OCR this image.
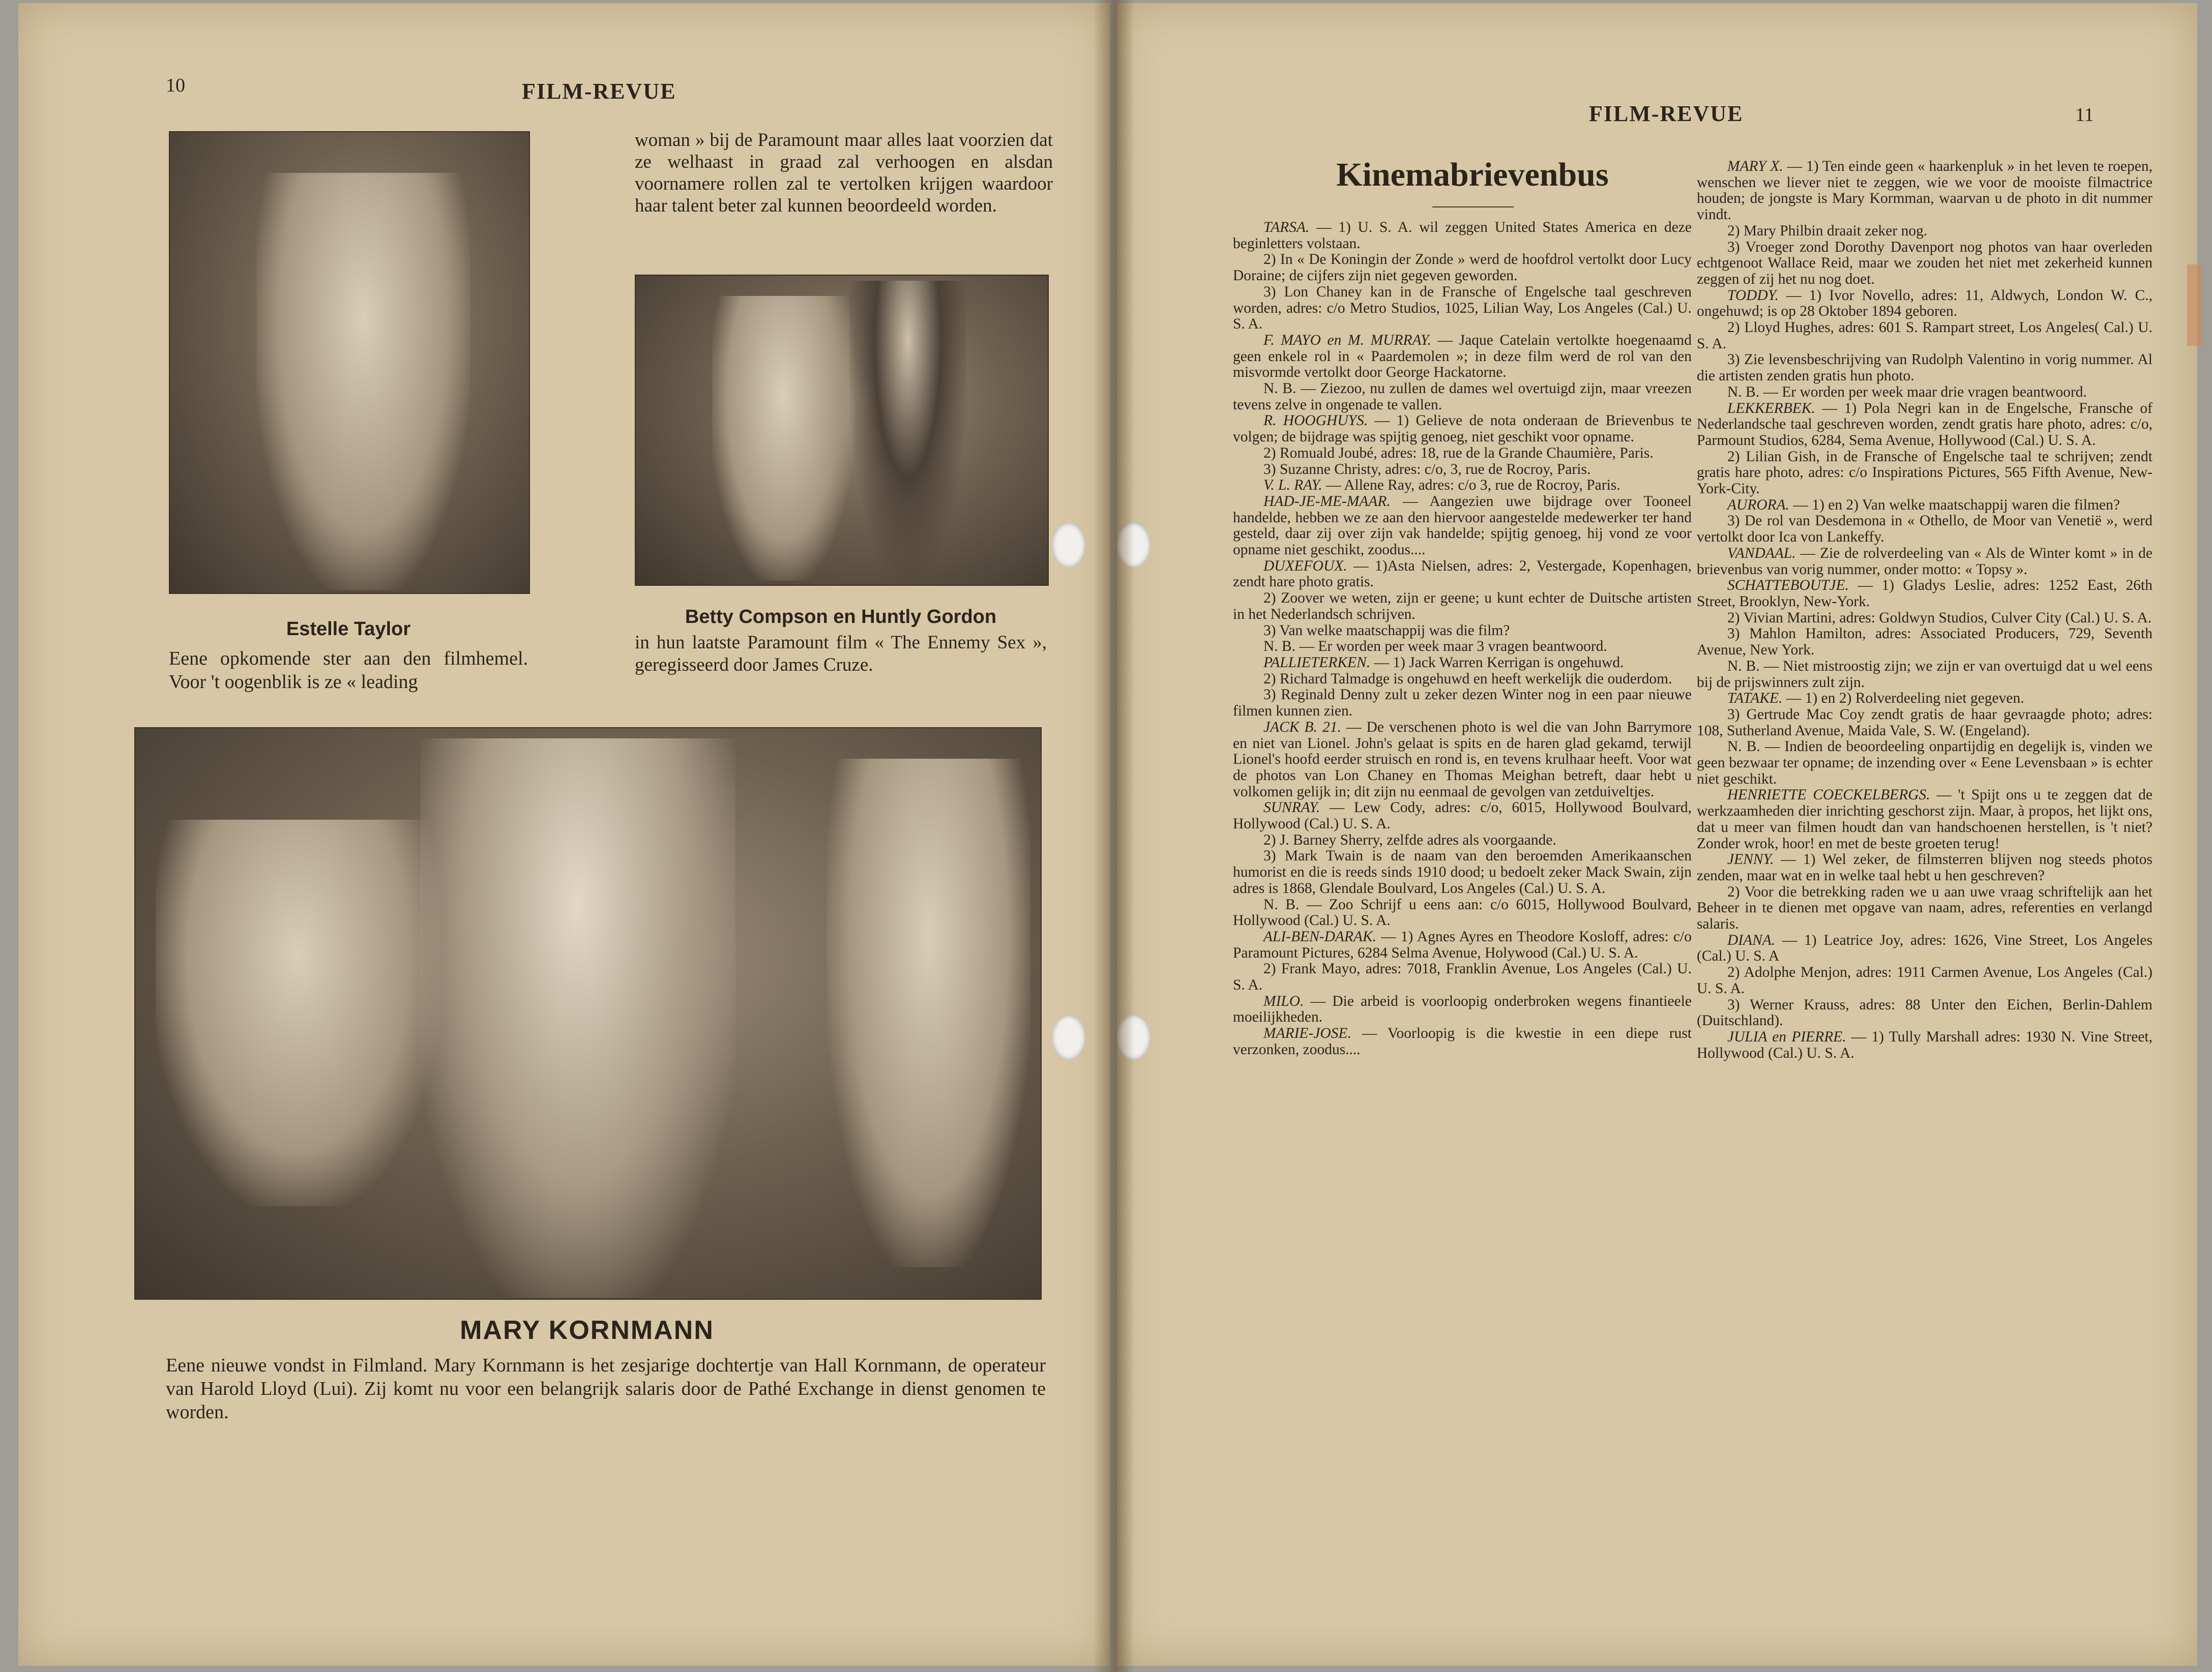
10	FILM-REVUE
Estelle Taylor
Eene opkomende ster aan den filmhemel. Voor 't oogenblik is ze « leading
woman » bij de Paramount maar alles laat voorzien dat ze welhaast in graad zal verhoogen en alsdan voornamere rollen zal te vertolken krijgen waardoor haar talent beter zal kunnen beoordeeld worden.
Betty Compson en Huntly Gordon
in hun laatste Paramount film « The Ennemy Sex », geregisseerd door James Cruze.
MARY KORNMANN
Eene nieuwe vondst in Filmland. Mary Kornmann is het zesjarige dochtertje van Hall Kornmann, de operateur van Harold Lloyd (Lui). Zij komt nu voor een belangrijk salaris door de Pathé Exchange in dienst genomen te worden.
FILM-REVUE	11
Kinemabrievenbus

TARSA. — 1) U. S. A. wil zeggen United States America en deze beginletters volstaan.

2) In « De Koningin der Zonde » werd de hoofdrol vertolkt door Lucy Doraine; de cijfers zijn niet gegeven geworden.

3) Lon Chaney kan in de Fransche of Engelsche taal geschreven worden, adres: c/o Metro Studios, 1025, Lilian Way, Los Angeles (Cal.) U. S. A.

F. MAYO en M. MURRAY. — Jaque Catelain vertolkte hoegenaamd geen enkele rol in « Paardemolen »; in deze film werd de rol van den misvormde vertolkt door George Hackatorne.

N. B. — Ziezoo, nu zullen de dames wel overtuigd zijn, maar vreezen tevens zelve in ongenade te vallen.

R. HOOGHUYS. — 1) Gelieve de nota onderaan de Brievenbus te volgen; de bijdrage was spijtig genoeg, niet geschikt voor opname.

2) Romuald Joubé, adres: 18, rue de la Grande Chaumière, Paris.

3) Suzanne Christy, adres: c/o, 3, rue de Rocroy, Paris.

V. L. RAY. — Allene Ray, adres: c/o 3, rue de Rocroy, Paris.

HAD-JE-ME-MAAR. — Aangezien uwe bijdrage over Tooneel handelde, hebben we ze aan den hiervoor aangestelde medewerker ter hand gesteld, daar zij over zijn vak handelde; spijtig genoeg, hij vond ze voor opname niet geschikt, zoodus....

DUXEFOUX. — 1)Asta Nielsen, adres: 2, Vestergade, Kopenhagen, zendt hare photo gratis.

2) Zoover we weten, zijn er geene; u kunt echter de Duitsche artisten in het Nederlandsch schrijven.

3) Van welke maatschappij was die film?

N. B. — Er worden per week maar 3 vragen beantwoord.

PALLIETERKEN. — 1) Jack Warren Kerrigan is ongehuwd.

2) Richard Talmadge is ongehuwd en heeft werkelijk die ouderdom.

3) Reginald Denny zult u zeker dezen Winter nog in een paar nieuwe filmen kunnen zien.

JACK B. 21. — De verschenen photo is wel die van John Barrymore en niet van Lionel. John's gelaat is spits en de haren glad gekamd, terwijl Lionel's hoofd eerder struisch en rond is, en tevens krulhaar heeft. Voor wat de photos van Lon Chaney en Thomas Meighan betreft, daar hebt u volkomen gelijk in; dit zijn nu eenmaal de gevolgen van zetduiveltjes.

SUNRAY. — Lew Cody, adres: c/o, 6015, Hollywood Boulvard, Hollywood (Cal.) U. S. A.

2) J. Barney Sherry, zelfde adres als voorgaande.

3) Mark Twain is de naam van den beroemden Amerikaanschen humorist en die is reeds sinds 1910 dood; u bedoelt zeker Mack Swain, zijn adres is 1868, Glendale Boulvard, Los Angeles (Cal.) U. S. A.

N. B. — Zoo Schrijf u eens aan: c/o 6015, Hollywood Boulvard, Hollywood (Cal.) U. S. A.

ALI-BEN-DARAK. — 1) Agnes Ayres en Theodore Kosloff, adres: c/o Paramount Pictures, 6284 Selma Avenue, Holywood (Cal.) U. S. A.

2) Frank Mayo, adres: 7018, Franklin Avenue, Los Angeles (Cal.) U. S. A.

MILO. — Die arbeid is voorloopig onderbroken wegens finantieele moeilijkheden.

MARIE-JOSE. — Voorloopig is die kwestie in een diepe rust verzonken, zoodus....

MARY X. — 1) Ten einde geen « haarkenpluk » in het leven te roepen, wenschen we liever niet te zeggen, wie we voor de mooiste filmactrice houden; de jongste is Mary Kormman, waarvan u de photo in dit nummer vindt.

2) Mary Philbin draait zeker nog.

3) Vroeger zond Dorothy Davenport nog photos van haar overleden echtgenoot Wallace Reid, maar we zouden het niet met zekerheid kunnen zeggen of zij het nu nog doet.

TODDY. — 1) Ivor Novello, adres: 11, Aldwych, London W. C., ongehuwd; is op 28 Oktober 1894 geboren.

2) Lloyd Hughes, adres: 601 S. Rampart street, Los Angeles( Cal.) U. S. A.

3) Zie levensbeschrijving van Rudolph Valentino in vorig nummer. Al die artisten zenden gratis hun photo.

N. B. — Er worden per week maar drie vragen beantwoord.

LEKKERBEK. — 1) Pola Negri kan in de Engelsche, Fransche of Nederlandsche taal geschreven worden, zendt gratis hare photo, adres: c/o, Parmount Studios, 6284, Sema Avenue, Hollywood (Cal.) U. S. A.

2) Lilian Gish, in de Fransche of Engelsche taal te schrijven; zendt gratis hare photo, adres: c/o Inspirations Pictures, 565 Fifth Avenue, New-York-City.

AURORA. — 1) en 2) Van welke maatschappij waren die filmen?

3) De rol van Desdemona in « Othello, de Moor van Venetië », werd vertolkt door Ica von Lankeffy.

VANDAAL. — Zie de rolverdeeling van « Als de Winter komt » in de brievenbus van vorig nummer, onder motto: « Topsy ».

SCHATTEBOUTJE. — 1) Gladys Leslie, adres: 1252 East, 26th Street, Brooklyn, New-York.

2) Vivian Martini, adres: Goldwyn Studios, Culver City (Cal.) U. S. A.

3) Mahlon Hamilton, adres: Associated Producers, 729, Seventh Avenue, New York.

N. B. — Niet mistroostig zijn; we zijn er van overtuigd dat u wel eens bij de prijswinners zult zijn.

TATAKE. — 1) en 2) Rolverdeeling niet gegeven.

3) Gertrude Mac Coy zendt gratis de haar gevraagde photo; adres: 108, Sutherland Avenue, Maida Vale, S. W. (Engeland).

N. B. — Indien de beoordeeling onpartijdig en degelijk is, vinden we geen bezwaar ter opname; de inzending over « Eene Levensbaan » is echter niet geschikt.

HENRIETTE COECKELBERGS. — 't Spijt ons u te zeggen dat de werkzaamheden dier inrichting geschorst zijn. Maar, à propos, het lijkt ons, dat u meer van filmen houdt dan van handschoenen herstellen, is 't niet? Zonder wrok, hoor! en met de beste groeten terug!

JENNY. — 1) Wel zeker, de filmsterren blijven nog steeds photos zenden, maar wat en in welke taal hebt u hen geschreven?

2) Voor die betrekking raden we u aan uwe vraag schriftelijk aan het Beheer in te dienen met opgave van naam, adres, referenties en verlangd salaris.

DIANA. — 1) Leatrice Joy, adres: 1626, Vine Street, Los Angeles (Cal.) U. S. A

2) Adolphe Menjon, adres: 1911 Carmen Avenue, Los Angeles (Cal.) U. S. A.

3) Werner Krauss, adres: 88 Unter den Eichen, Berlin-Dahlem (Duitschland).

JULIA en PIERRE. — 1) Tully Marshall adres: 1930 N. Vine Street, Hollywood (Cal.) U. S. A.
